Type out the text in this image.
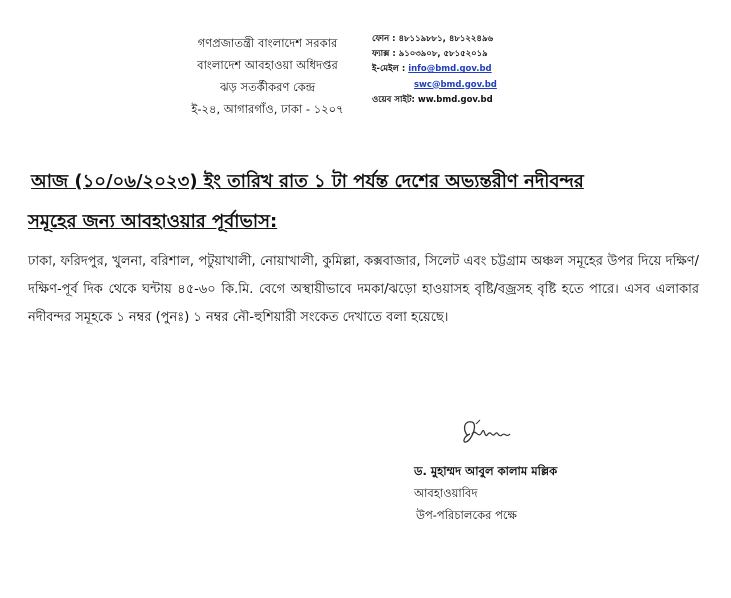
গণপ্রজাতন্ত্রী বাংলাদেশ সরকার
বাংলাদেশ আবহাওয়া অধিদপ্তর
ঝড় সতর্কীকরণ কেন্দ্র
ই-২৪, আগারগাঁও, ঢাকা - ১২০৭
ফোন : ৪৮১১৯৮৮১, ৪৮১২২৪৯৬
ফ্যাক্স : ৯১০৩৯০৮, ৫৮১৫২০১৯
ই-মেইল : info@bmd.gov.bd
swc@bmd.gov.bd
ওয়েব সাইট: ww.bmd.gov.bd
আজ (১০/০৬/২০২৩) ইং তারিখ রাত ১ টা পর্যন্ত দেশের অভ্যন্তরীণ নদীবন্দর
সমূহের জন্য আবহাওয়ার পূর্বাভাস:
ঢাকা, ফরিদপুর, খুলনা, বরিশাল, পটুয়াখালী, নোয়াখালী, কুমিল্লা, কক্সবাজার, সিলেট এবং চট্টগ্রাম অঞ্চল সমূহের উপর দিয়ে দক্ষিণ/দক্ষিণ-পূর্ব দিক থেকে ঘন্টায় ৪৫-৬০ কি.মি. বেগে অস্থায়ীভাবে দমকা/ঝড়ো হাওয়াসহ বৃষ্টি/বজ্রসহ বৃষ্টি হতে পারে। এসব এলাকার নদীবন্দর সমূহকে ১ নম্বর (পুনঃ) ১ নম্বর নৌ-হুশিয়ারী সংকেত দেখাতে বলা হয়েছে।
ড. মুহাম্মদ আবুল কালাম মল্লিক
আবহাওয়াবিদ
উপ-পরিচালকের পক্ষে
